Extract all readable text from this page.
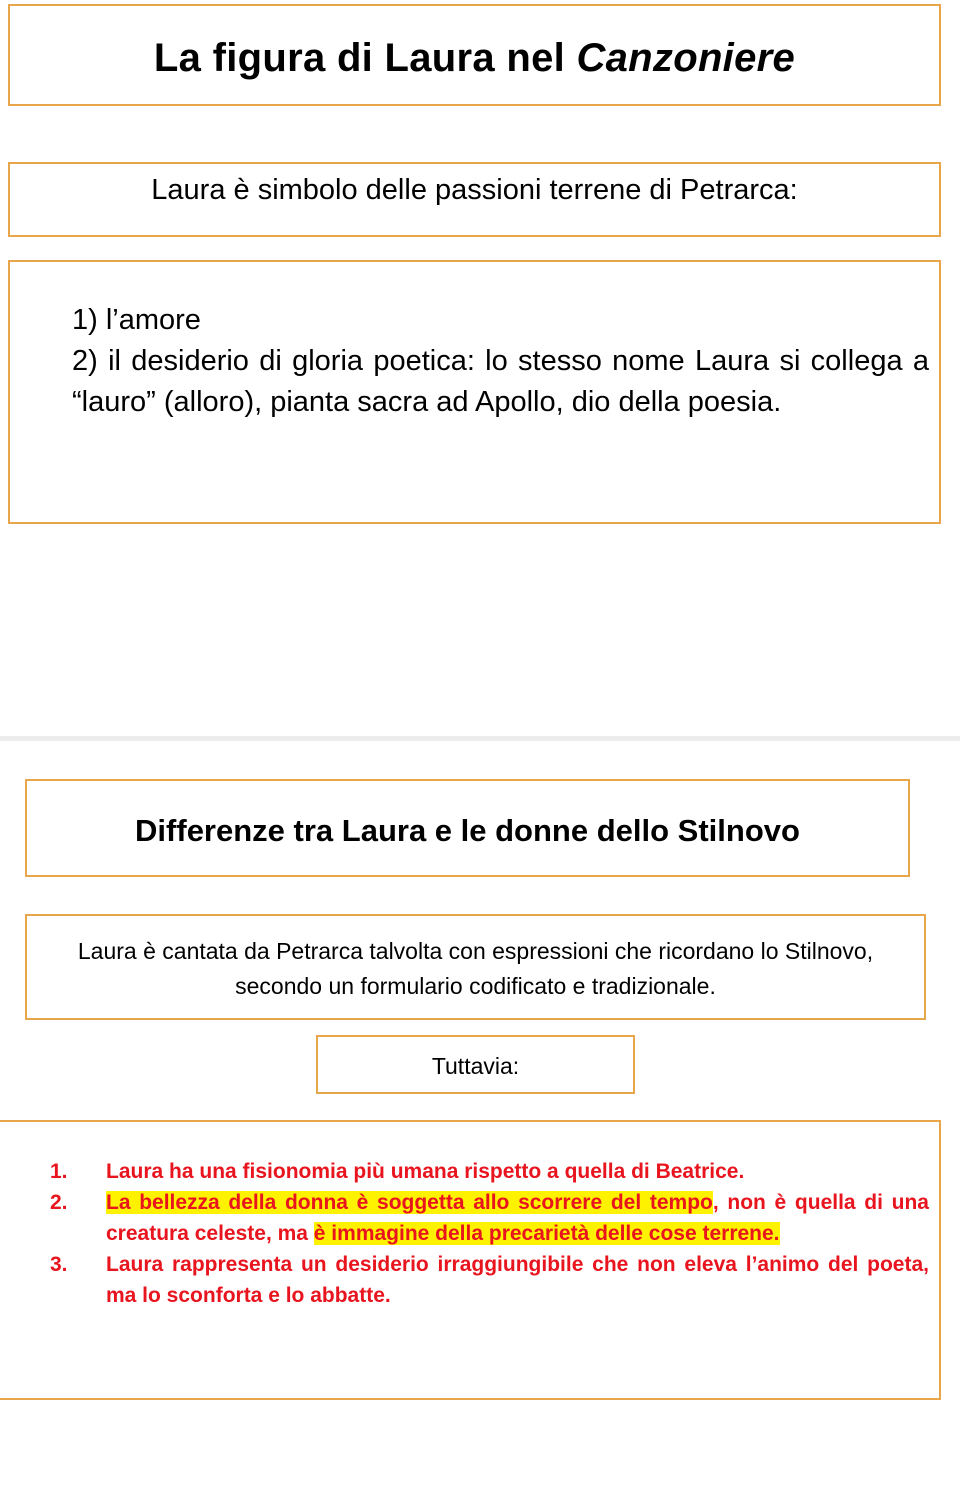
La figura di Laura nel Canzoniere
Laura è simbolo delle passioni terrene di Petrarca:

1) l’amore

2) il desiderio di gloria poetica: lo stesso nome Laura si collega a “lauro” (alloro), pianta sacra ad Apollo, dio della poesia.

Differenze tra Laura e le donne dello Stilnovo
Laura è cantata da Petrarca talvolta con espressioni che ricordano lo Stilnovo, secondo un formulario codificato e tradizionale.
Tuttavia:
1. Laura ha una fisionomia più umana rispetto a quella di Beatrice.
2. La bellezza della donna è soggetta allo scorrere del tempo, non è quella di una creatura celeste, ma è immagine della precarietà delle cose terrene.
3. Laura rappresenta un desiderio irraggiungibile che non eleva l’animo del poeta, ma lo sconforta e lo abbatte.
